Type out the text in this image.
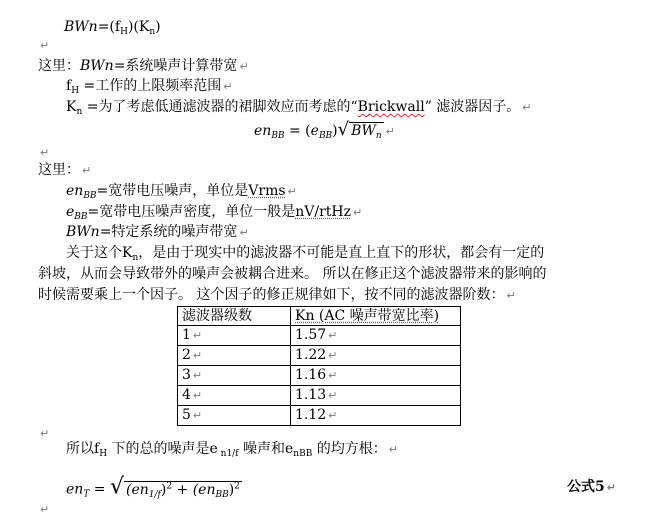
$BWn=(f_H)(K_n)$
↵
这里：BWn=系统噪声计算带宽 ↵
$f_H$ =工作的上限频率范围 ↵
$K_n$ =为了考虑低通滤波器的裙脚效应而考虑的“Brickwall” 滤波器因子。 ↵
$en_{BB} = (e_{BB})√$ $BW_n$ ↵
↵
这里： ↵
$en_{BB}=$宽带电压噪声，单位是Vrms ↵
$e_{BB}=$宽带电压噪声密度，单位一般是nV/rtHz ↵
BWn=特定系统的噪声带宽 ↵
关于这个$K_n$，是由于现实中的滤波器不可能是直上直下的形状，都会有一定的
斜坡，从而会导致带外的噪声会被耦合进来。 所以在修正这个滤波器带来的影响的
时候需要乘上一个因子。 这个因子的修正规律如下，按不同的滤波器阶数： ↵
滤波器级数	Kn (AC 噪声带宽比率)
1 ↵	1.57 ↵
2 ↵	1.22 ↵
3 ↵	1.16 ↵
4 ↵	1.13 ↵
5 ↵	1.12 ↵
↵
所以$f_H$ 下的总的噪声是e $_{n1/f}$ 噪声和$e_{nBB}$ 的均方根： ↵
$en_T$ = √ $(en_{1/f})^2 + (en_{BB})^2$	公式5 ↵
↵
